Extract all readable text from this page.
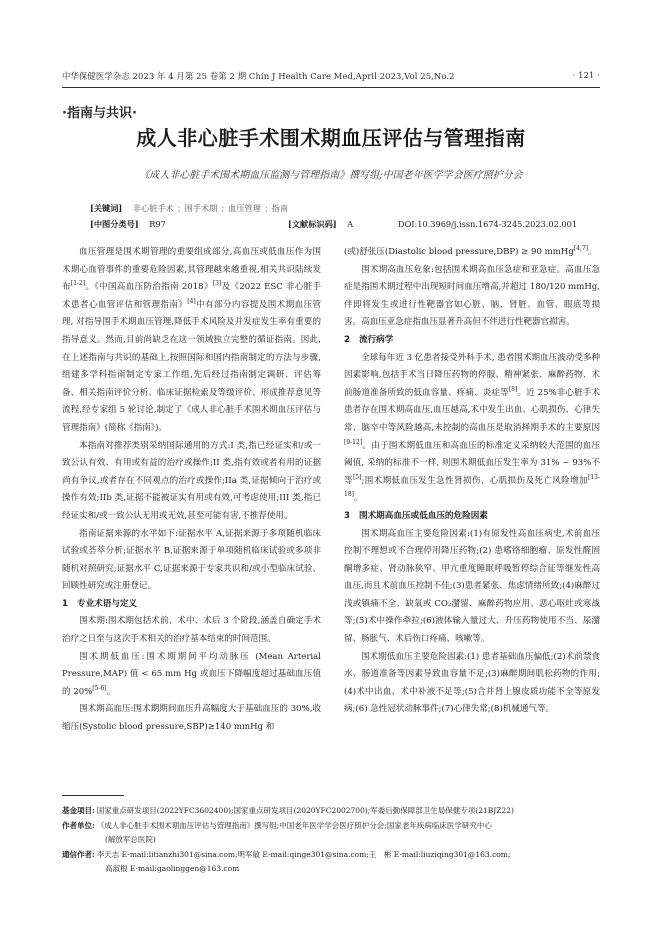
中华保健医学杂志 2023 年 4 月第 25 卷第 2 期 Chin J Health Care Med,April 2023,Vol 25,No.2	· 121 ·
·指南与共识·
成人非心脏手术围术期血压评估与管理指南
《成人非心脏手术围术期血压监测与管理指南》撰写组;中国老年医学学会医疗照护分会
[关键词] 非心脏手术 ; 围手术期 ; 血压管理 ; 指南
[中图分类号] R97	[文献标识码] A	DOI:10.3969/j.issn.1674-3245.2023.02.001

血压管理是围术期管理的重要组成部分,高血压或低血压作为围术期心血管事件的重要危险因素,其管理越来越重视,相关共识陆续发布[1-2]。《中国高血压防治指南 2018》[3]及《2022 ESC 非心脏手术患者心血管评估和管理指南》[4]中有部分内容提及围术期血压管理, 对指导围手术期血压管理,降低手术风险及并发症发生率有重要的指导意义。然而,目前尚缺乏在这一领域独立完整的循证指南。因此,在上述指南与共识的基础上,按照国际和国内指南制定的方法与步骤,组建多学科指南制定专家工作组,先后经过指南制定调研、评估筹备、相关指南评价分析、临床证据检索及等级评价、形成推荐意见等流程,经专家组 5 轮讨论,制定了《成人非心脏手术围术期血压评估与管理指南》(简称《指南》)。

本指南对推荐类别采纳国际通用的方式:I 类,指已经证实和/或一致公认有效、有用或有益的治疗或操作;II 类,指有效或者有用的证据尚有争议,或者存在不同观点的治疗或操作;IIa 类,证据倾向于治疗或操作有效;IIb 类,证据不能被证实有用或有效,可考虑使用;III 类,指已经证实和/或一致公认无用或无效,甚至可能有害,不推荐使用。

指南证据来源的水平如下:证据水平 A,证据来源于多项随机临床试验或荟萃分析;证据水平 B,证据来源于单项随机临床试验或多项非随机对照研究;证据水平 C,证据来源于专家共识和/或小型临床试验、回顾性研究或注册登记。

1 专业术语与定义

围术期:围术期包括术前、术中、术后 3 个阶段,涵盖自确定手术治疗之日至与这次手术相关的治疗基本结束的时间范围。

围术期低血压:围术期期间平均动脉压 (Mean Arterial Pressure,MAP) 值 < 65 mm Hg 或血压下降幅度超过基础血压值的 20%[5-6]。

围术期高血压:围术期期间血压升高幅度大于基础血压的 30%,收缩压(Systolic blood pressure,SBP)≥140 mmHg 和

(或)舒张压(Diastolic blood pressure,DBP) ≥ 90 mmHg[4,7]。

围术期高血压危象:包括围术期高血压急症和亚急症。高血压急症是指围术期过程中出现短时间血压增高,并超过 180/120 mmHg,伴即将发生或进行性靶器官如心脏、脑、肾脏、血管、眼底等损害。高血压亚急症指血压显著升高但不伴进行性靶器官损害。

2 流行病学

全球每年近 3 亿患者接受外科手术, 患者围术期血压波动受多种因素影响,包括手术当日降压药物的停服、精神紧张、麻醉药物、术前肠道准备所致的低血容量、疼痛、炎症等[8]。近 25%非心脏手术患者存在围术期高血压,血压越高,术中发生出血、心肌损伤、心律失常、脑卒中等风险越高,未控制的高血压是取消择期手术的主要原因[9-12]。由于围术期低血压和高血压的标准定义采纳较大范围的血压阈值, 采纳的标准不一样, 则围术期低血压发生率为 31% ~ 93%不等[5];围术期低血压发生急性肾损伤、心肌损伤及死亡风险增加[13-18]。

3 围术期高血压或低血压的危险因素

围术期高血压主要危险因素:(1)有原发性高血压病史,术前血压控制不理想或不合理停用降压药物;(2) 患嗜铬细胞瘤、原发性醛固酮增多症、肾动脉狭窄、甲亢重度睡眠呼吸暂停综合征等继发性高血压,而且术前血压控制不佳;(3)患者紧张、焦虑情绪所致;(4)麻醉过浅或镇痛不全、缺氧或 CO₂潴留、麻醉药物应用、恶心呕吐或寒战等;(5)术中操作牵拉;(6)液体输入量过大、升压药物使用不当、尿潴留、肠胀气、术后伤口疼痛、咳嗽等。

围术期低血压主要危险因素:(1) 患者基础血压偏低;(2)术前禁食水、肠道准备等因素导致血容量不足;(3)麻醉期间肌松药物的作用;(4)术中出血、术中补液不足等;(5)合并肾上腺皮质功能不全等原发病;(6) 急性冠状动脉事件;(7)心律失常;(8)机械通气等。

基金项目: 国家重点研发项目(2022YFC3602400);国家重点研发项目(2020YFC2002700);军委后勤保障部卫生局保健专项(21BJZ22)
作者单位: 《成人非心脏手术围术期血压评估与管理指南》撰写组;中国老年医学学会医疗照护分会;国家老年疾病临床医学研究中心
(解放军总医院)
通信作者: 李天志 E-mail:litianzhi301@sina.com;明军敏 E-mail:qinge301@sina.com;王　彬 E-mail:liuziqing301@163.com;
高淑根 E-mail:gaolinggen@163.com
